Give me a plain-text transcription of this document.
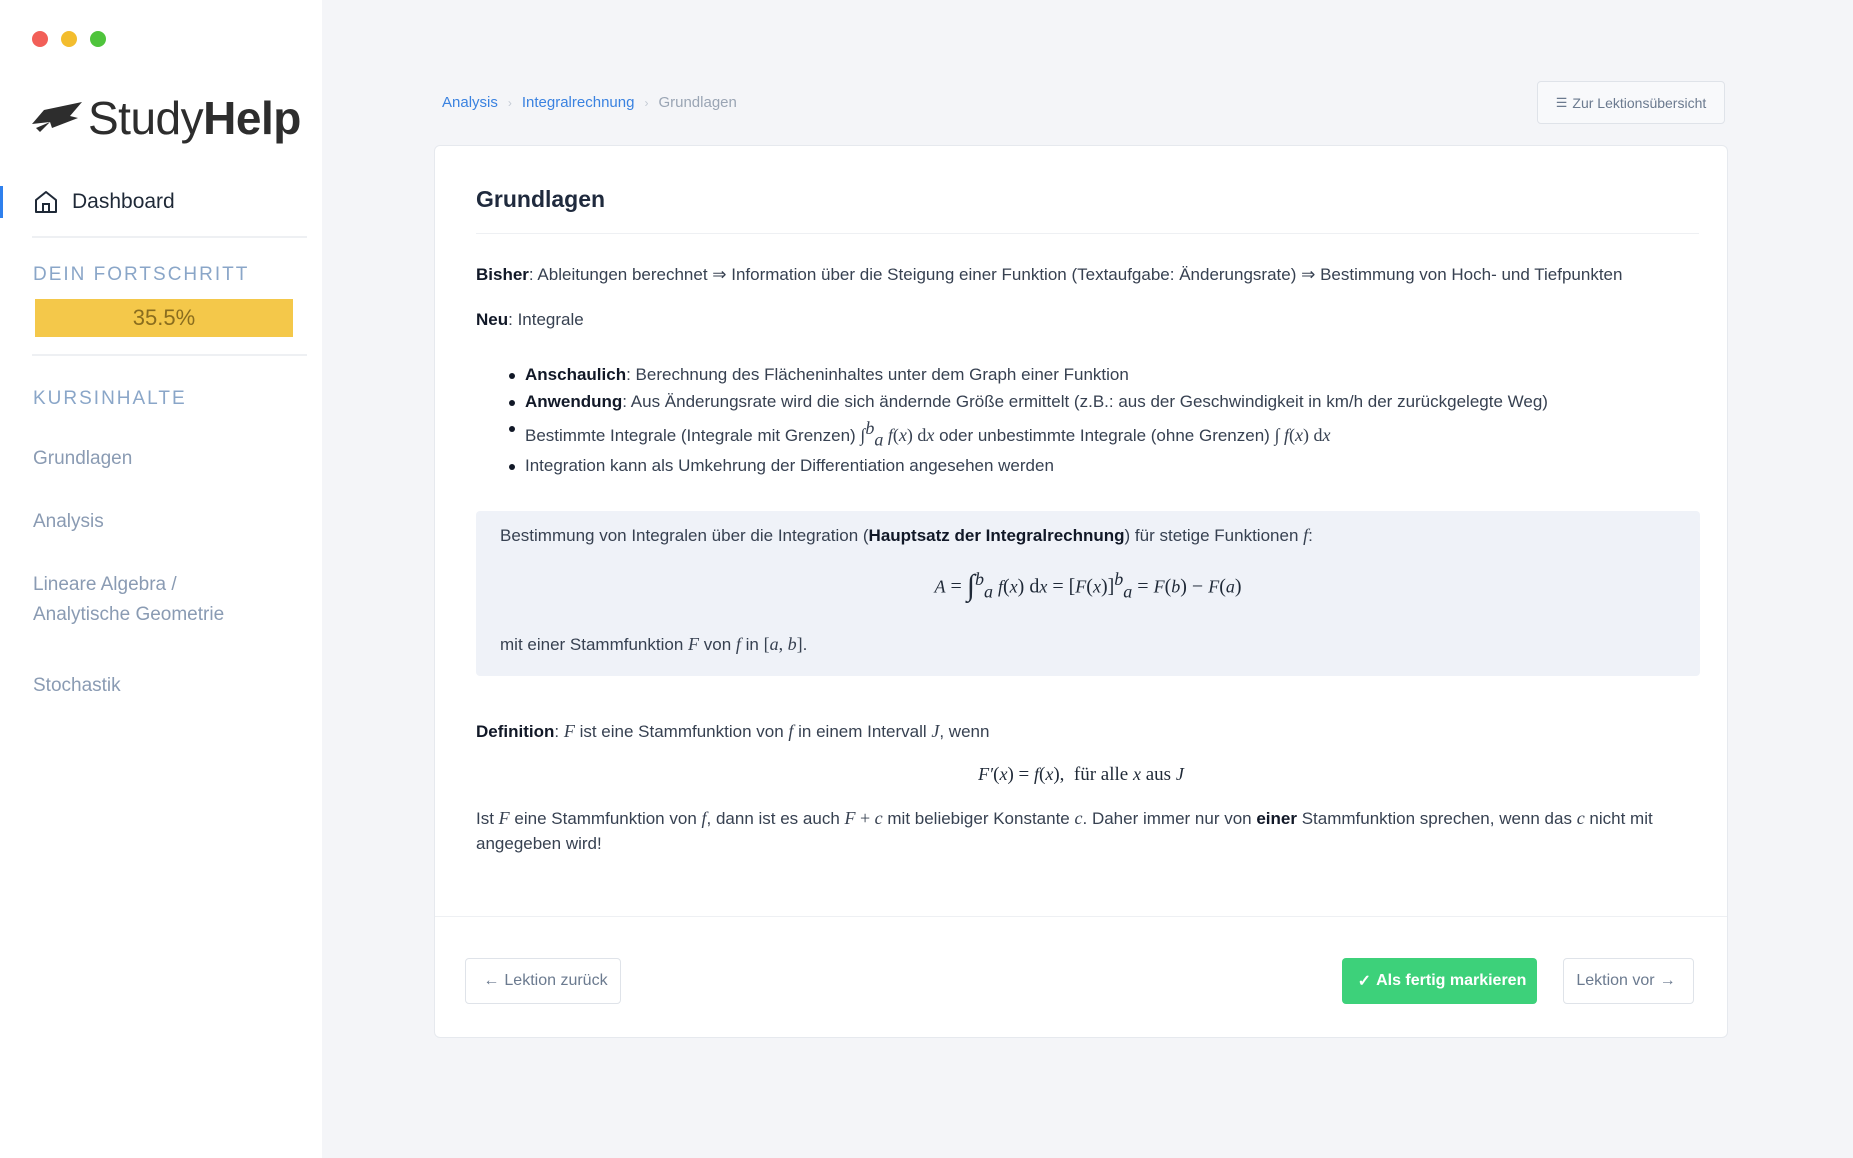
StudyHelp
Dashboard
DEIN FORTSCHRITT
35.5%
KURSINHALTE
Grundlagen
Analysis
Lineare Algebra /
Analytische Geometrie
Stochastik
Analysis › Integralrechnung › Grundlagen	☰ Zur Lektionsübersicht
Grundlagen
Bisher: Ableitungen berechnet ⇒ Information über die Steigung einer Funktion (Textaufgabe: Änderungsrate) ⇒ Bestimmung von Hoch- und Tiefpunkten
Neu: Integrale
Anschaulich: Berechnung des Flächeninhaltes unter dem Graph einer Funktion
Anwendung: Aus Änderungsrate wird die sich ändernde Größe ermittelt (z.B.: aus der Geschwindigkeit in km/h der zurückgelegte Weg)
Bestimmte Integrale (Integrale mit Grenzen) ∫$^b_a$ f(x) dx oder unbestimmte Integrale (ohne Grenzen) ∫ f(x) dx
Integration kann als Umkehrung der Differentiation angesehen werden
Bestimmung von Integralen über die Integration (Hauptsatz der Integralrechnung) für stetige Funktionen f:
A = ∫$^b_a$ f(x) dx = $[F(x)]^b_a = F(b) - F(a)$
mit einer Stammfunktion F von f in [a, b].
Definition: F ist eine Stammfunktion von f in einem Intervall J, wenn
F′(x) = f(x),  für alle x aus J
Ist F eine Stammfunktion von f, dann ist es auch F + c mit beliebiger Konstante c. Daher immer nur von einer Stammfunktion sprechen, wenn das c nicht mit
angegeben wird!
← Lektion zurück	✓ Als fertig markieren	Lektion vor →
